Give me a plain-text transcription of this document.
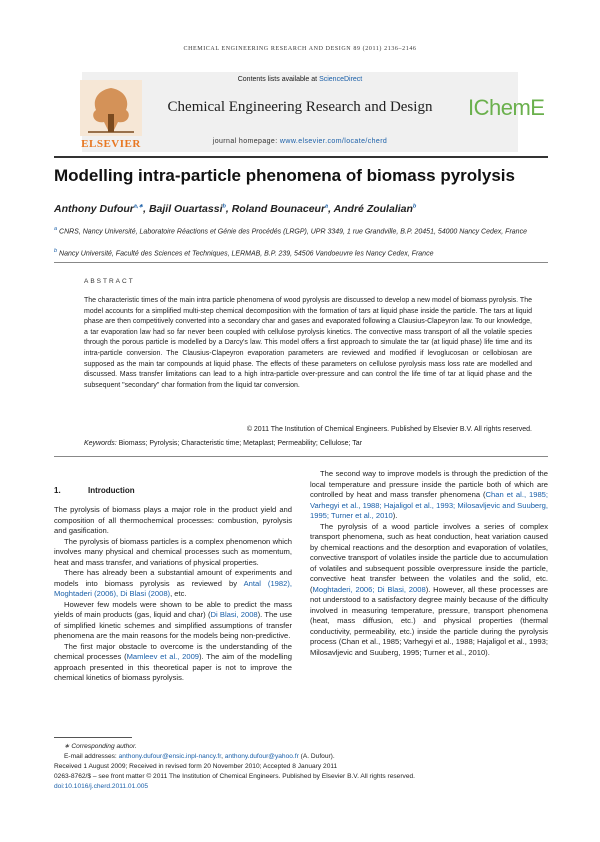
CHEMICAL ENGINEERING RESEARCH AND DESIGN 89 (2011) 2136–2146
ELSEVIER
Contents lists available at ScienceDirect
Chemical Engineering Research and Design
journal homepage: www.elsevier.com/locate/cherd
IChemE
Modelling intra-particle phenomena of biomass pyrolysis
Anthony Dufour$^{a,∗}$, Bajil Ouartassi$^b$, Roland Bounaceur$^a$, André Zoulalian$^b$
$^a$ CNRS, Nancy Université, Laboratoire Réactions et Génie des Procédés (LRGP), UPR 3349, 1 rue Grandville, B.P. 20451, 54000 Nancy Cedex, France
$^b$ Nancy Université, Faculté des Sciences et Techniques, LERMAB, B.P. 239, 54506 Vandoeuvre les Nancy Cedex, France
ABSTRACT
The characteristic times of the main intra particle phenomena of wood pyrolysis are discussed to develop a new model of biomass pyrolysis. The model accounts for a simplified multi-step chemical decomposition with the formation of tars at liquid phase inside the particle. The tars at liquid phase are then competitively converted into a secondary char and gases and evaporated following a Clausius-Clapeyron law. To our knowledge, a tar evaporation law had so far never been coupled with cellulose pyrolysis kinetics. The convective mass transport of all the volatile species through the porous particle is modelled by a Darcy's law. This model offers a first approach to simulate the tar (at liquid phase) life time and its intra-particle conversion. The Clausius-Clapeyron evaporation parameters are reviewed and modified if levoglucosan or cellobiosan are supposed as the main tar compounds at liquid phase. The effects of these parameters on cellulose pyrolysis mass loss rate are modelled and discussed. Mass transfer limitations can lead to a high intra-particle over-pressure and can control the life time of tar at liquid phase and the subsequent "secondary" char formation from the liquid tar conversion.
© 2011 The Institution of Chemical Engineers. Published by Elsevier B.V. All rights reserved.
Keywords: Biomass; Pyrolysis; Characteristic time; Metaplast; Permeability; Cellulose; Tar
1.	Introduction

The pyrolysis of biomass plays a major role in the product yield and composition of all thermochemical processes: combustion, pyrolysis and gasification.

The pyrolysis of biomass particles is a complex phenomenon which involves many physical and chemical processes such as momentum, heat and mass transfer, and variations of physical properties.

There has already been a substantial amount of experiments and models into biomass pyrolysis as reviewed by Antal (1982), Moghtaderi (2006), Di Blasi (2008), etc.

However few models were shown to be able to predict the mass yields of main products (gas, liquid and char) (Di Blasi, 2008). The use of simplified kinetic schemes and simplified assumptions of transfer phenomena are the main reasons for the models being non-predictive.

The first major obstacle to overcome is the understanding of the chemical processes (Mamleev et al., 2009). The aim of the modelling approach presented in this theoretical paper is not to improve the chemical kinetics of biomass pyrolysis.

The second way to improve models is through the prediction of the local temperature and pressure inside the particle both of which are controlled by heat and mass transfer phenomena (Chan et al., 1985; Varhegyi et al., 1988; Hajaligol et al., 1993; Milosavljevic and Suuberg, 1995; Turner et al., 2010).

The pyrolysis of a wood particle involves a series of complex transport phenomena, such as heat conduction, heat variation caused by chemical reactions and the desorption and evaporation of volatiles, convective transport of volatiles inside the particle due to accumulation of volatiles and subsequent possible overpressure inside the particle, convective heat transfer between the volatiles and the solid, etc. (Moghtaderi, 2006; Di Blasi, 2008). However, all these processes are not understood to a satisfactory degree mainly because of the difficulty involved in measuring temperature, pressure, transport phenomena (heat, mass diffusion, etc.) and physical properties (thermal conductivity, permeability, etc.) inside the particle during the pyrolysis process (Chan et al., 1985; Varhegyi et al., 1988; Hajaligol et al., 1993; Milosavljevic and Suuberg, 1995; Turner et al., 2010).

∗ Corresponding author.
E-mail addresses: anthony.dufour@ensic.inpl-nancy.fr, anthony.dufour@yahoo.fr (A. Dufour).
Received 1 August 2009; Received in revised form 20 November 2010; Accepted 8 January 2011
0263-8762/$ – see front matter © 2011 The Institution of Chemical Engineers. Published by Elsevier B.V. All rights reserved.
doi:10.1016/j.cherd.2011.01.005
